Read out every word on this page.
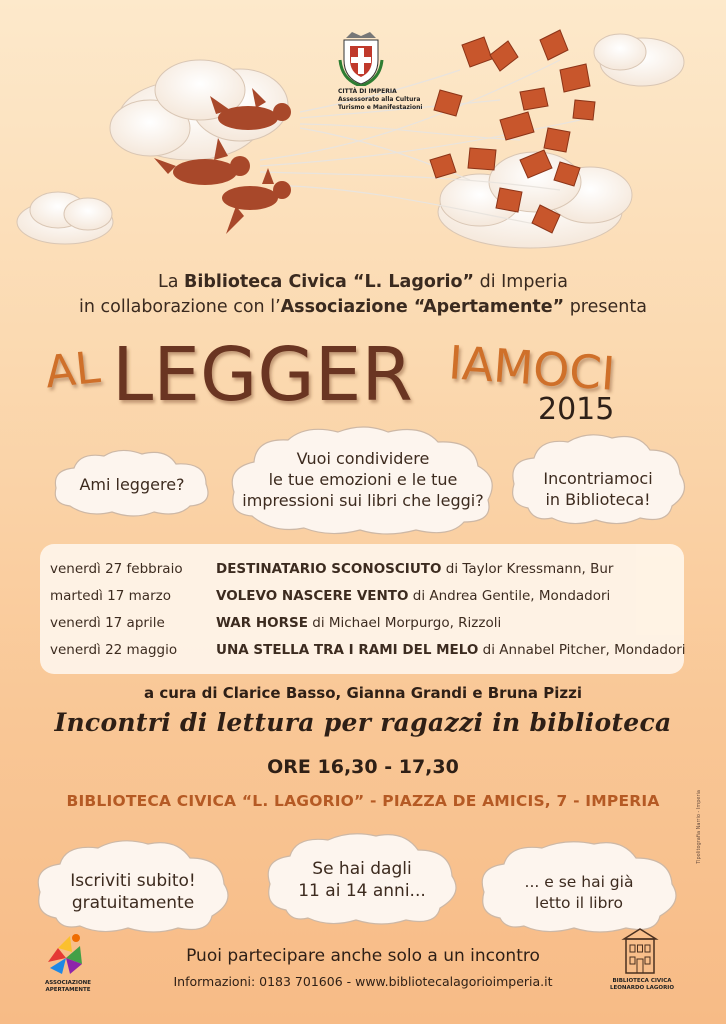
CITTÀ DI IMPERIA
Assessorato alla Cultura
Turismo e Manifestazioni
La Biblioteca Civica “L. Lagorio” di Imperia
in collaborazione con l’Associazione “Apertamente” presenta
AL LEGGER IAMOCI
2015
Ami leggere?
Vuoi condividere
le tue emozioni e le tue
impressioni sui libri che leggi?
Incontriamoci
in Biblioteca!
venerdì 27 febbraio	DESTINATARIO SCONOSCIUTO di Taylor Kressmann, Bur
martedì 17 marzo	VOLEVO NASCERE VENTO di Andrea Gentile, Mondadori
venerdì 17 aprile	WAR HORSE di Michael Morpurgo, Rizzoli
venerdì 22 maggio	UNA STELLA TRA I RAMI DEL MELO di Annabel Pitcher, Mondadori
a cura di Clarice Basso, Gianna Grandi e Bruna Pizzi
Incontri di lettura per ragazzi in biblioteca
ORE 16,30 - 17,30
BIBLIOTECA CIVICA “L. LAGORIO” - PIAZZA DE AMICIS, 7 - IMPERIA	Tipolitografia Narrio - Imperia
Iscriviti subito!
gratuitamente
Se hai dagli
11 ai 14 anni...	... e se hai già
letto il libro
Puoi partecipare anche solo a un incontro
Informazioni: 0183 701606 - www.bibliotecalagorioimperia.it
ASSOCIAZIONE
APERTAMENTE
BIBLIOTECA CIVICA
LEONARDO LAGORIO
